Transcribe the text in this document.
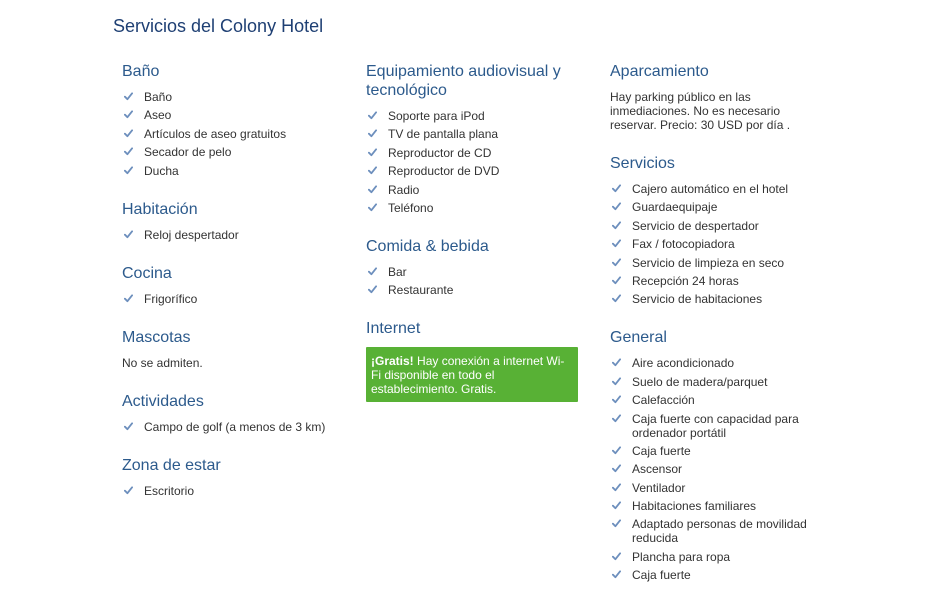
Servicios del Colony Hotel
Baño
Baño
Aseo
Artículos de aseo gratuitos
Secador de pelo
Ducha
Habitación
Reloj despertador
Cocina
Frigorífico
Mascotas

No se admiten.

Actividades
Campo de golf (a menos de 3 km)
Zona de estar
Escritorio
Equipamiento audiovisual y tecnológico
Soporte para iPod
TV de pantalla plana
Reproductor de CD
Reproductor de DVD
Radio
Teléfono
Comida & bebida
Bar
Restaurante
Internet
¡Gratis! Hay conexión a internet Wi-Fi disponible en todo el establecimiento. Gratis.
Aparcamiento

Hay parking público en las inmediaciones. No es necesario reservar. Precio: 30 USD por día .

Servicios
Cajero automático en el hotel
Guardaequipaje
Servicio de despertador
Fax / fotocopiadora
Servicio de limpieza en seco
Recepción 24 horas
Servicio de habitaciones
General
Aire acondicionado
Suelo de madera/parquet
Calefacción
Caja fuerte con capacidad para ordenador portátil
Caja fuerte
Ascensor
Ventilador
Habitaciones familiares
Adaptado personas de movilidad reducida
Plancha para ropa
Caja fuerte
